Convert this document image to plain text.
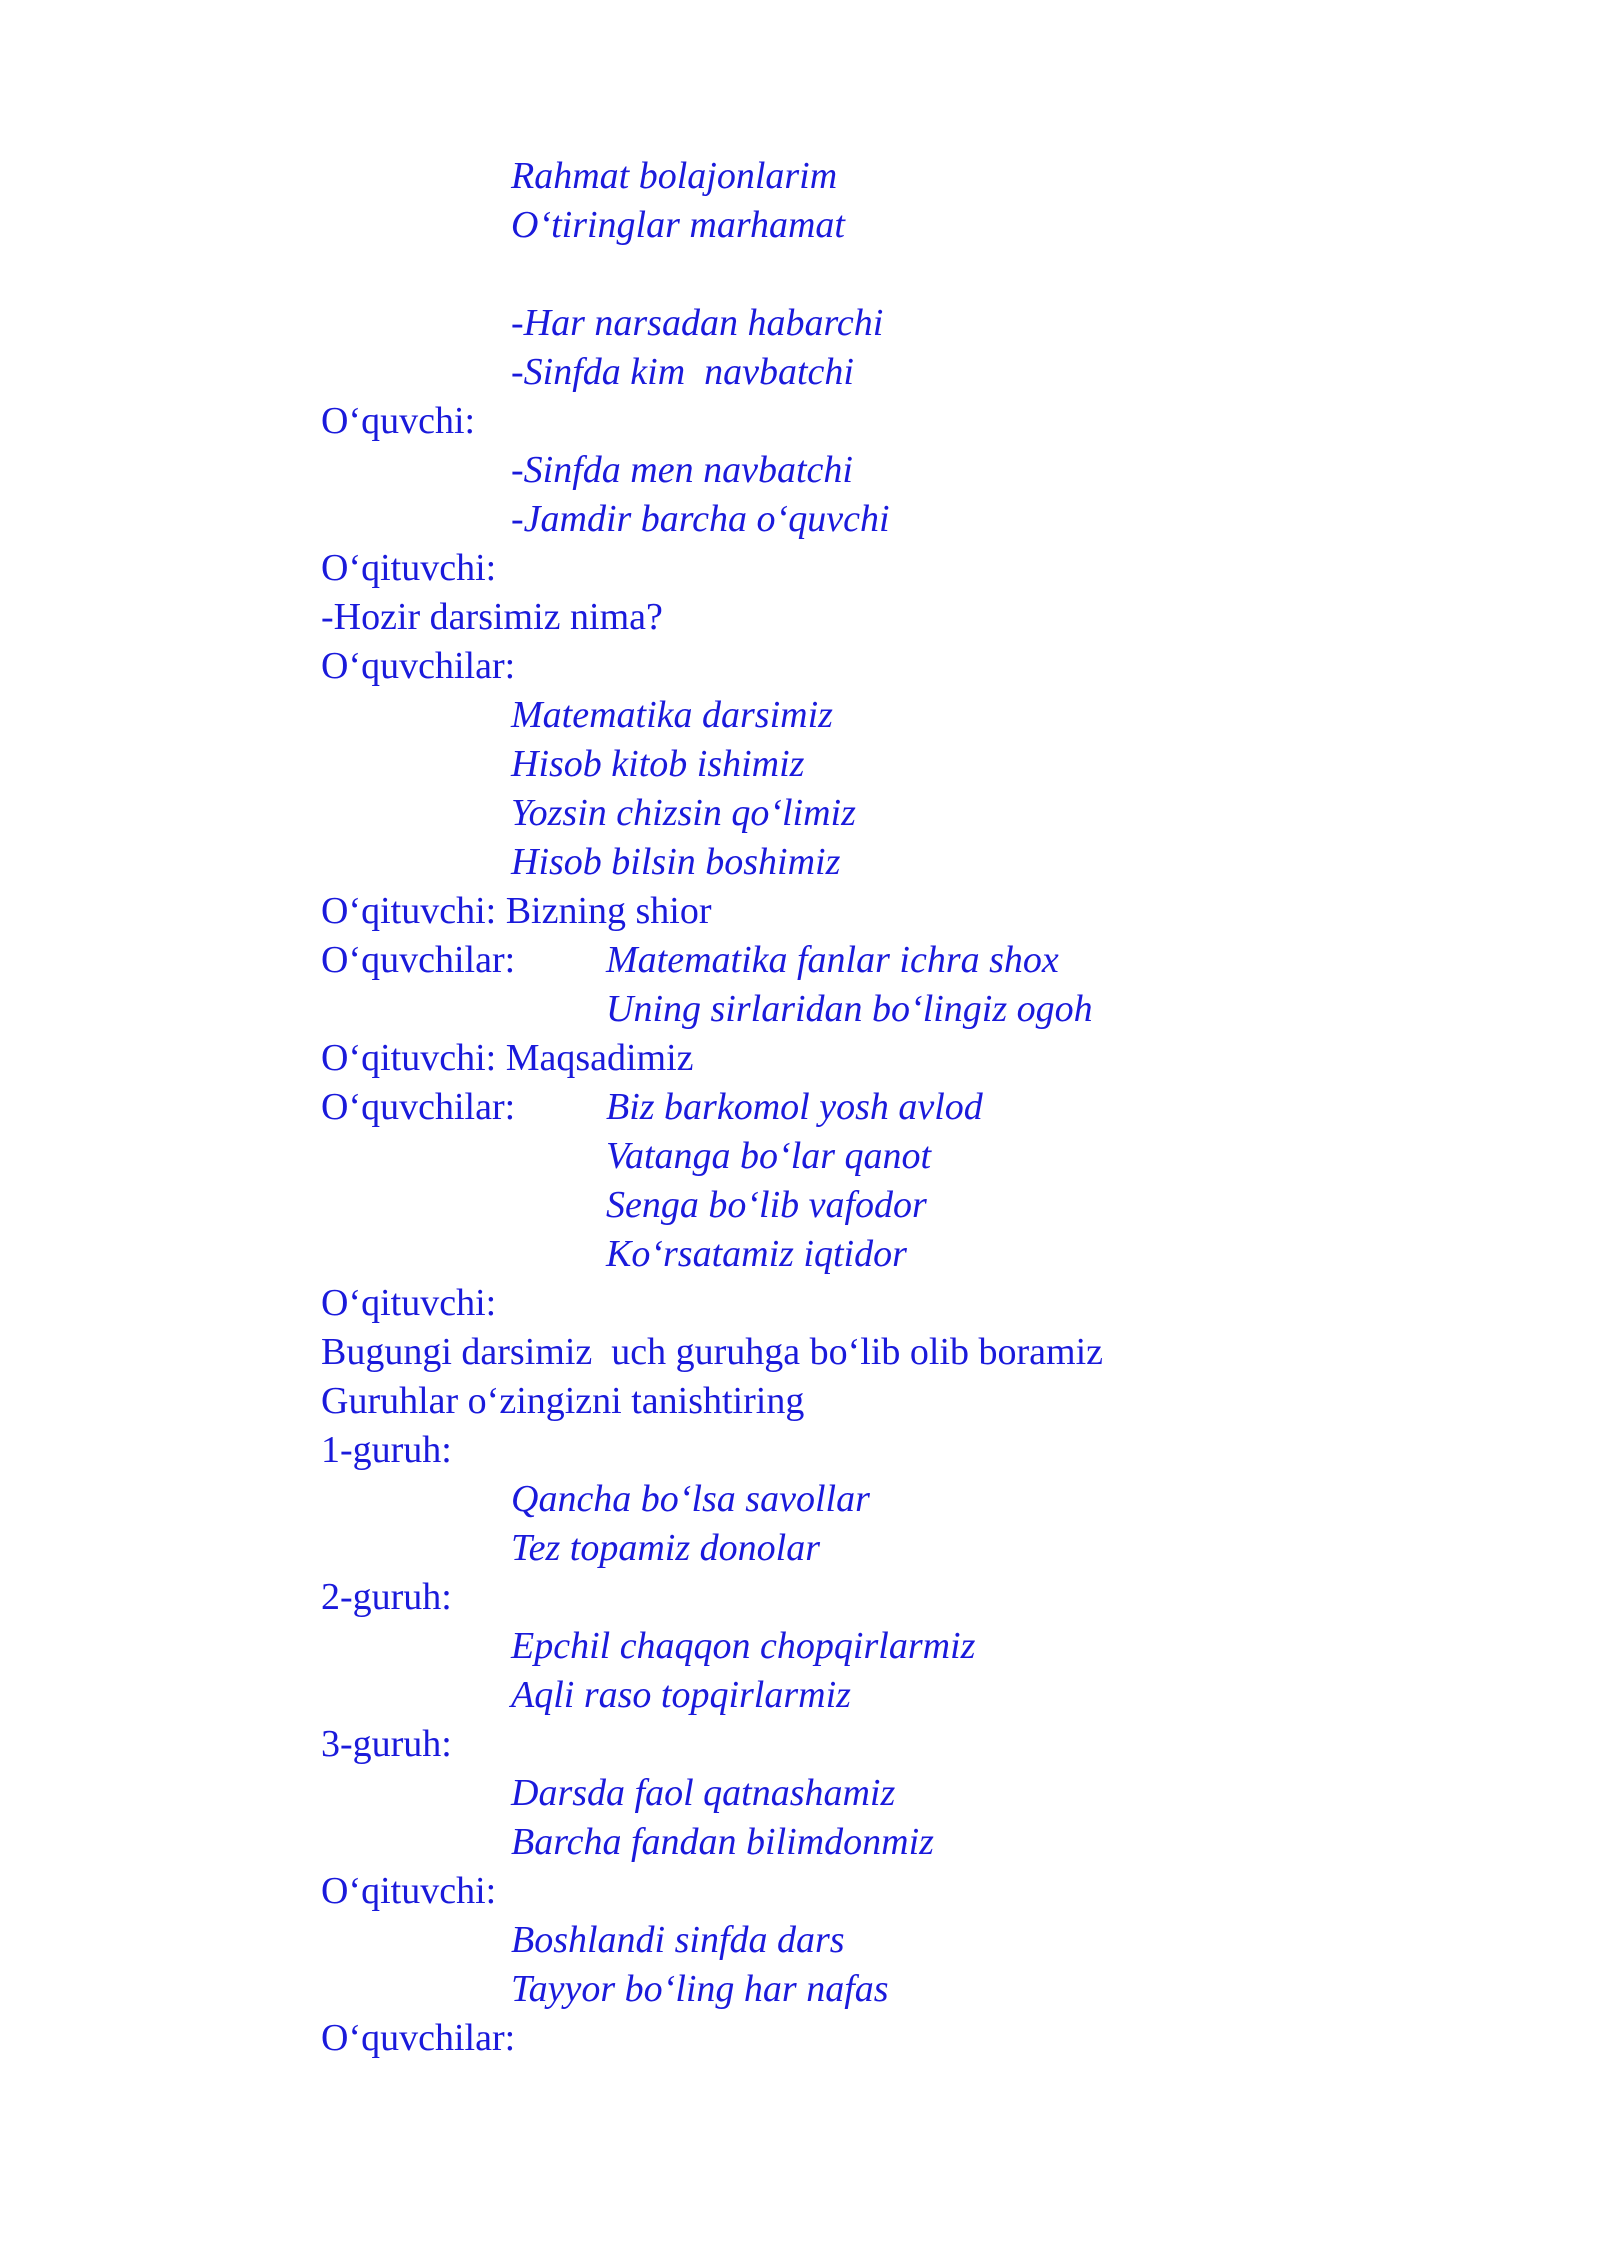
Rahmat bolajonlarim
O‘tiringlar marhamat
-Har narsadan habarchi
-Sinfda kim  navbatchi
O‘quvchi:
-Sinfda men navbatchi
-Jamdir barcha o‘quvchi
O‘qituvchi:
-Hozir darsimiz nima?
O‘quvchilar:
Matematika darsimiz
Hisob kitob ishimiz
Yozsin chizsin qo‘limiz
Hisob bilsin boshimiz
O‘qituvchi: Bizning shior
O‘quvchilar: Matematika fanlar ichra shox
Uning sirlaridan bo‘lingiz ogoh
O‘qituvchi: Maqsadimiz
O‘quvchilar: Biz barkomol yosh avlod
Vatanga bo‘lar qanot
Senga bo‘lib vafodor
Ko‘rsatamiz iqtidor
O‘qituvchi:
Bugungi darsimiz  uch guruhga bo‘lib olib boramiz
Guruhlar o‘zingizni tanishtiring
1-guruh:
Qancha bo‘lsa savollar
Tez topamiz donolar
2-guruh:
Epchil chaqqon chopqirlarmiz
Aqli raso topqirlarmiz
3-guruh:
Darsda faol qatnashamiz
Barcha fandan bilimdonmiz
O‘qituvchi:
Boshlandi sinfda dars
Tayyor bo‘ling har nafas
O‘quvchilar:
